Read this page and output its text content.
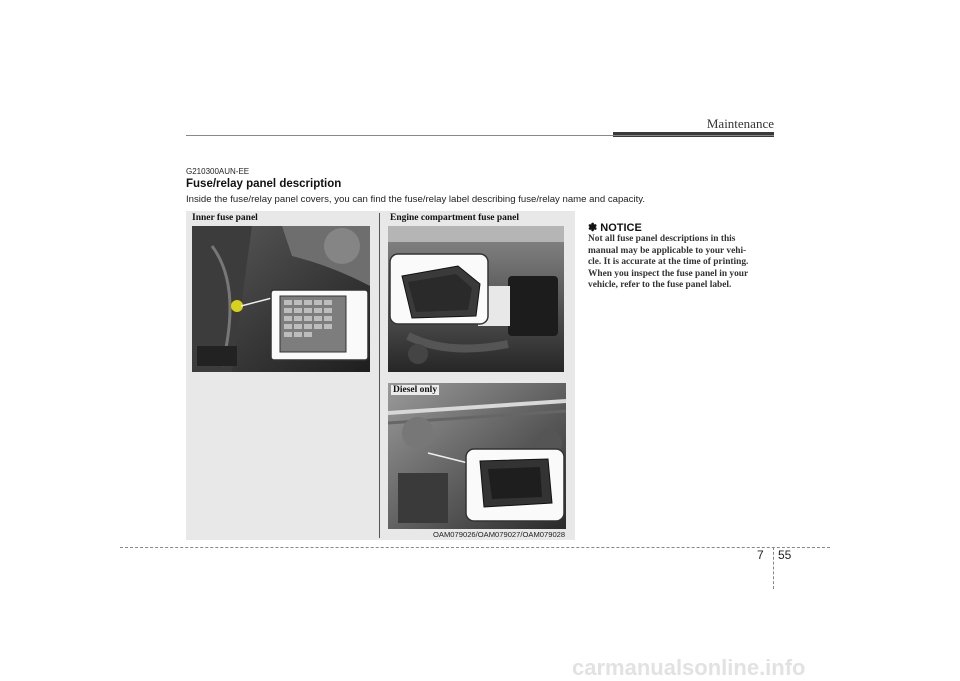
Maintenance
G210300AUN-EE
Fuse/relay panel description
Inside the fuse/relay panel covers, you can find the fuse/relay label describing fuse/relay name and capacity.
Inner fuse panel	Engine compartment fuse panel
Diesel only
OAM079026/OAM079027/OAM079028
✽ NOTICE
Not all fuse panel descriptions in this
manual may be applicable to your vehi-
cle. It is accurate at the time of printing.
When you inspect the fuse panel in your
vehicle, refer to the fuse panel label.
7 55
carmanualsonline.info
